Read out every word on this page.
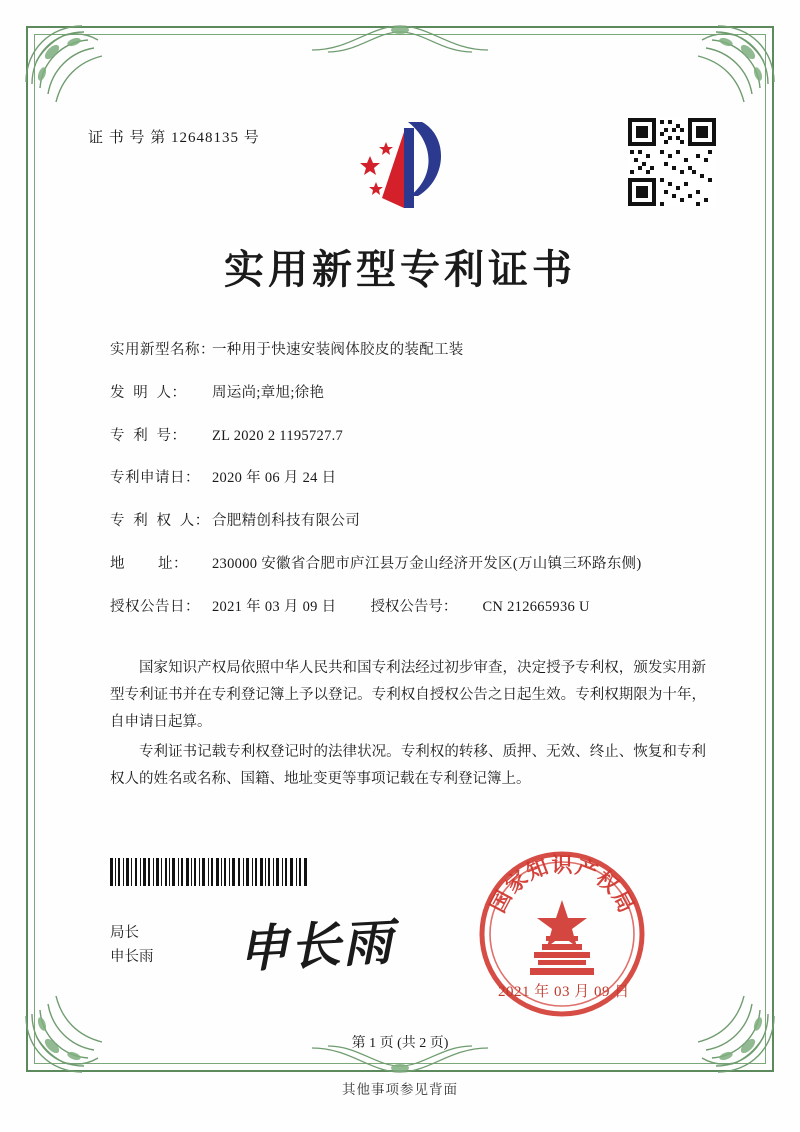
证 书 号 第 12648135 号
实用新型专利证书
实用新型名称：
一种用于快速安装阀体胶皮的装配工装
发  明  人：	周运尚;章旭;徐艳
专  利  号：	ZL 2020 2 1195727.7
专利申请日： 2020 年 06 月 24 日
专  利  权  人： 合肥精创科技有限公司
地        址：	230000 安徽省合肥市庐江县万金山经济开发区(万山镇三环路东侧)
授权公告日： 2021 年 03 月 09 日 授权公告号：	CN 212665936 U

国家知识产权局依照中华人民共和国专利法经过初步审查，决定授予专利权，颁发实用新型专利证书并在专利登记簿上予以登记。专利权自授权公告之日起生效。专利权期限为十年，自申请日起算。

专利证书记载专利权登记时的法律状况。专利权的转移、质押、无效、终止、恢复和专利权人的姓名或名称、国籍、地址变更等事项记载在专利登记簿上。

局长
申长雨 申长雨
国
家
知 识 产
权
局
2021 年 03 月 09 日
第 1 页 (共 2 页)
其他事项参见背面
